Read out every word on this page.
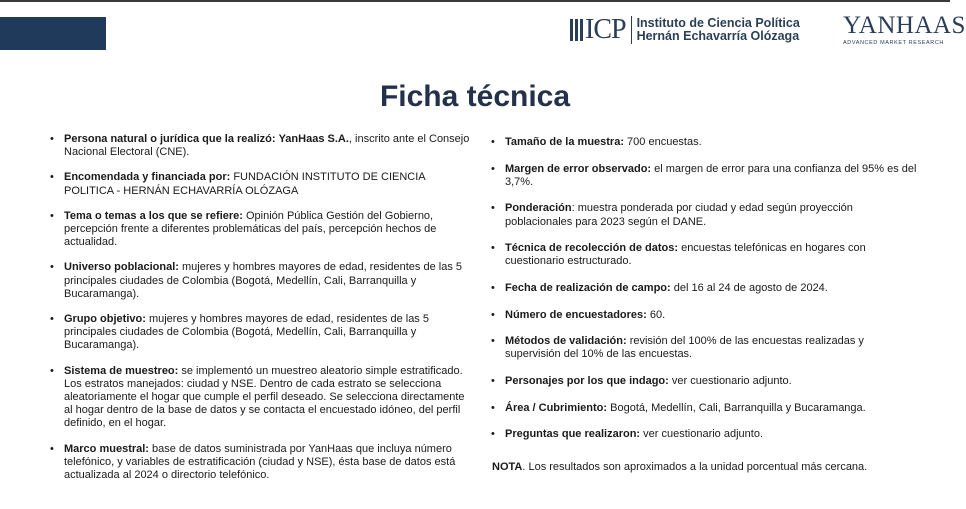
ICP Instituto de Ciencia Política
Hernán Echavarría Olózaga YANHAAS
ADVANCED MARKET RESEARCH
Ficha técnica
• Persona natural o jurídica que la realizó: YanHaas S.A., inscrito ante el Consejo Nacional Electoral (CNE).
• Encomendada y financiada por: FUNDACIÓN INSTITUTO DE CIENCIA POLITICA - HERNÁN ECHAVARRÍA OLÓZAGA
• Tema o temas a los que se refiere: Opinión Pública Gestión del Gobierno, percepción frente a diferentes problemáticas del país, percepción hechos de actualidad.
• Universo poblacional: mujeres y hombres mayores de edad, residentes de las 5 principales ciudades de Colombia (Bogotá, Medellín, Cali, Barranquilla y Bucaramanga).
• Grupo objetivo: mujeres y hombres mayores de edad, residentes de las 5 principales ciudades de Colombia (Bogotá, Medellín, Cali, Barranquilla y Bucaramanga).
• Sistema de muestreo: se implementó un muestreo aleatorio simple estratificado. Los estratos manejados: ciudad y NSE. Dentro de cada estrato se selecciona aleatoriamente el hogar que cumple el perfil deseado. Se selecciona directamente al hogar dentro de la base de datos y se contacta el encuestado idóneo, del perfil definido, en el hogar.
• Marco muestral: base de datos suministrada por YanHaas que incluya número telefónico, y variables de estratificación (ciudad y NSE), ésta base de datos está actualizada al 2024 o directorio telefónico.
• Tamaño de la muestra: 700 encuestas.
• Margen de error observado: el margen de error para una confianza del 95% es del 3,7%.
• Ponderación: muestra ponderada por ciudad y edad según proyección poblacionales para 2023 según el DANE.
• Técnica de recolección de datos: encuestas telefónicas en hogares con cuestionario estructurado.
• Fecha de realización de campo: del 16 al 24 de agosto de 2024.
• Número de encuestadores: 60.
• Métodos de validación: revisión del 100% de las encuestas realizadas y supervisión del 10% de las encuestas.
• Personajes por los que indago: ver cuestionario adjunto.
• Área / Cubrimiento: Bogotá, Medellín, Cali, Barranquilla y Bucaramanga.
• Preguntas que realizaron: ver cuestionario adjunto.
NOTA. Los resultados son aproximados a la unidad porcentual más cercana.
